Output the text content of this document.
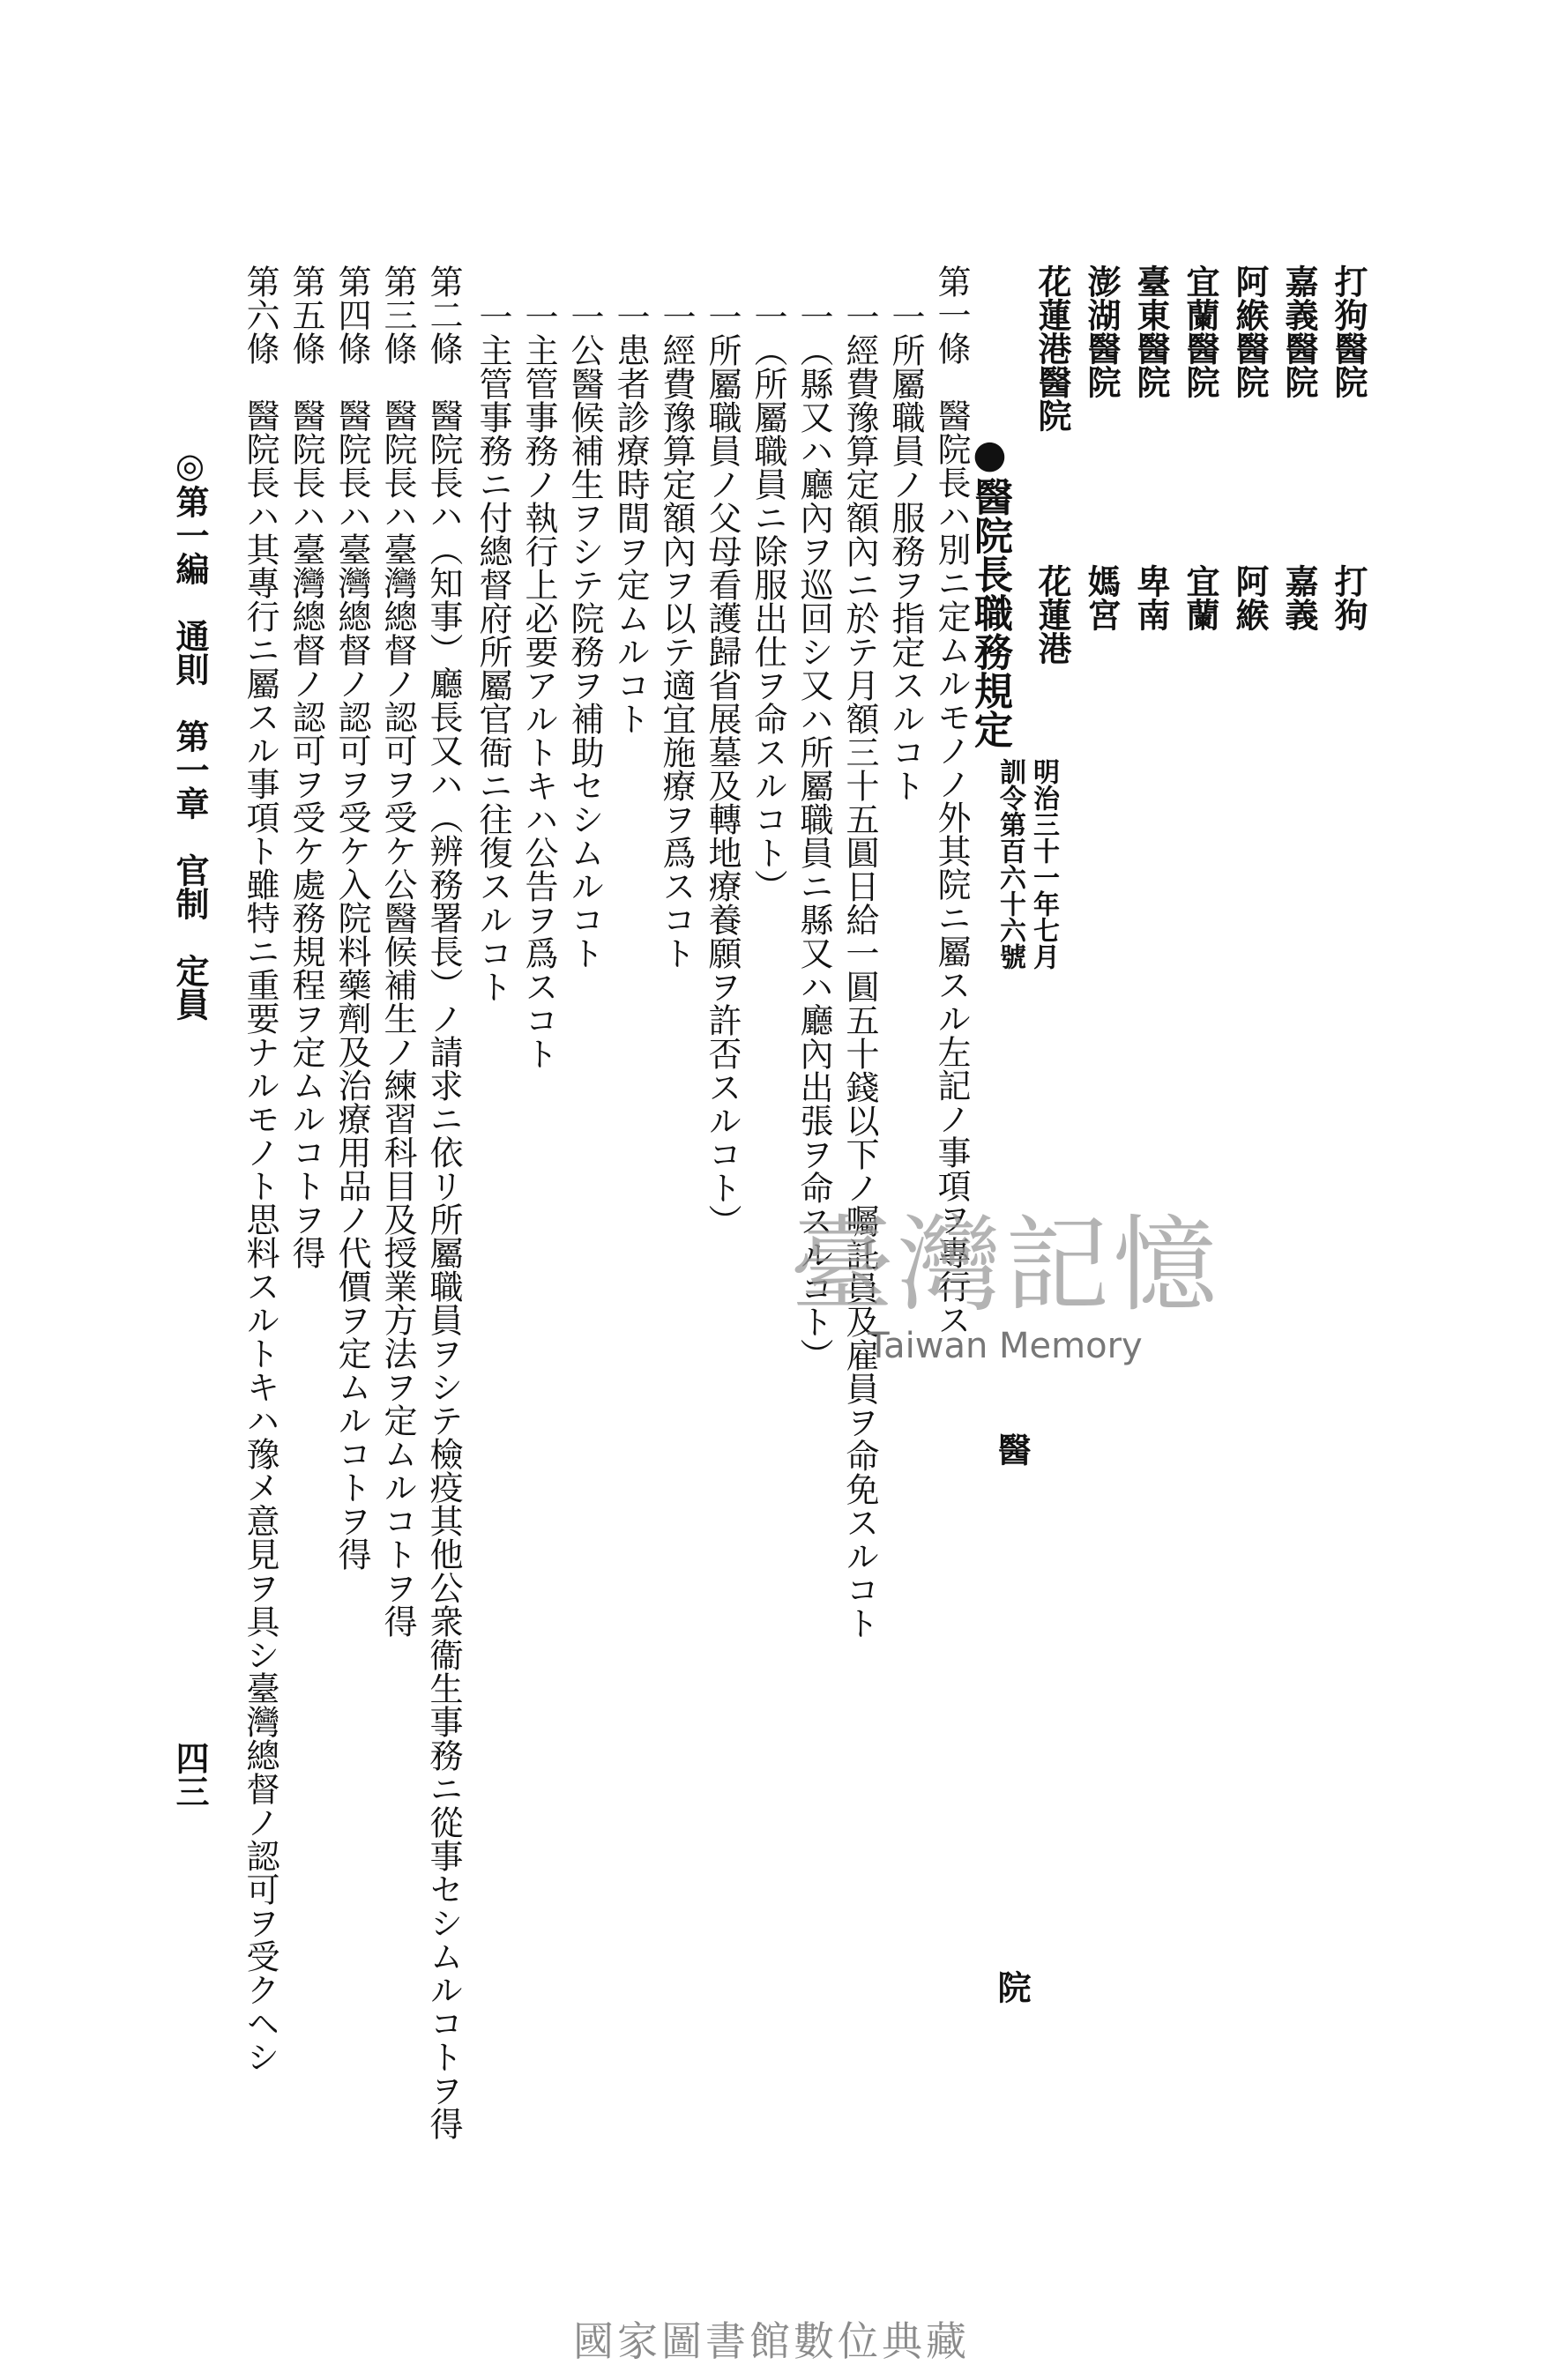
打狗醫院
打狗
嘉義醫院
嘉義
阿緱醫院
阿緱
宜蘭醫院
宜蘭
臺東醫院
卑南
澎湖醫院
媽宮
花蓮港醫院
花蓮港
●醫院長職務規定
明治三十一年七月
訓令第百六十六號
醫
院
第一條　醫院長ハ別ニ定ムルモノノ外其院ニ屬スル左記ノ事項ヲ專行ス
一所屬職員ノ服務ヲ指定スルコト
一經費豫算定額內ニ於テ月額三十五圓日給一圓五十錢以下ノ囑託員及雇員ヲ命免スルコト
一（縣又ハ廳內ヲ巡回シ又ハ所屬職員ニ縣又ハ廳內出張ヲ命スルコト）
一（所屬職員ニ除服出仕ヲ命スルコト）
一所屬職員ノ父母看護歸省展墓及轉地療養願ヲ許否スルコト）
一經費豫算定額內ヲ以テ適宜施療ヲ爲スコト
一患者診療時間ヲ定ムルコト
一公醫候補生ヲシテ院務ヲ補助セシムルコト
一主管事務ノ執行上必要アルトキハ公告ヲ爲スコト
一主管事務ニ付總督府所屬官衙ニ往復スルコト
第二條　醫院長ハ（知事）廳長又ハ（辨務署長）ノ請求ニ依リ所屬職員ヲシテ檢疫其他公衆衞生事務ニ從事セシムルコトヲ得
第三條　醫院長ハ臺灣總督ノ認可ヲ受ケ公醫候補生ノ練習科目及授業方法ヲ定ムルコトヲ得
第四條　醫院長ハ臺灣總督ノ認可ヲ受ケ入院料藥劑及治療用品ノ代價ヲ定ムルコトヲ得
第五條　醫院長ハ臺灣總督ノ認可ヲ受ケ處務規程ヲ定ムルコトヲ得
第六條　醫院長ハ其專行ニ屬スル事項ト雖特ニ重要ナルモノト思料スルトキハ豫メ意見ヲ具シ臺灣總督ノ認可ヲ受クヘシ
◎第一編　通則　第一章　官制　定員
四三
臺灣記憶
Taiwan Memory
國家圖書館數位典藏
